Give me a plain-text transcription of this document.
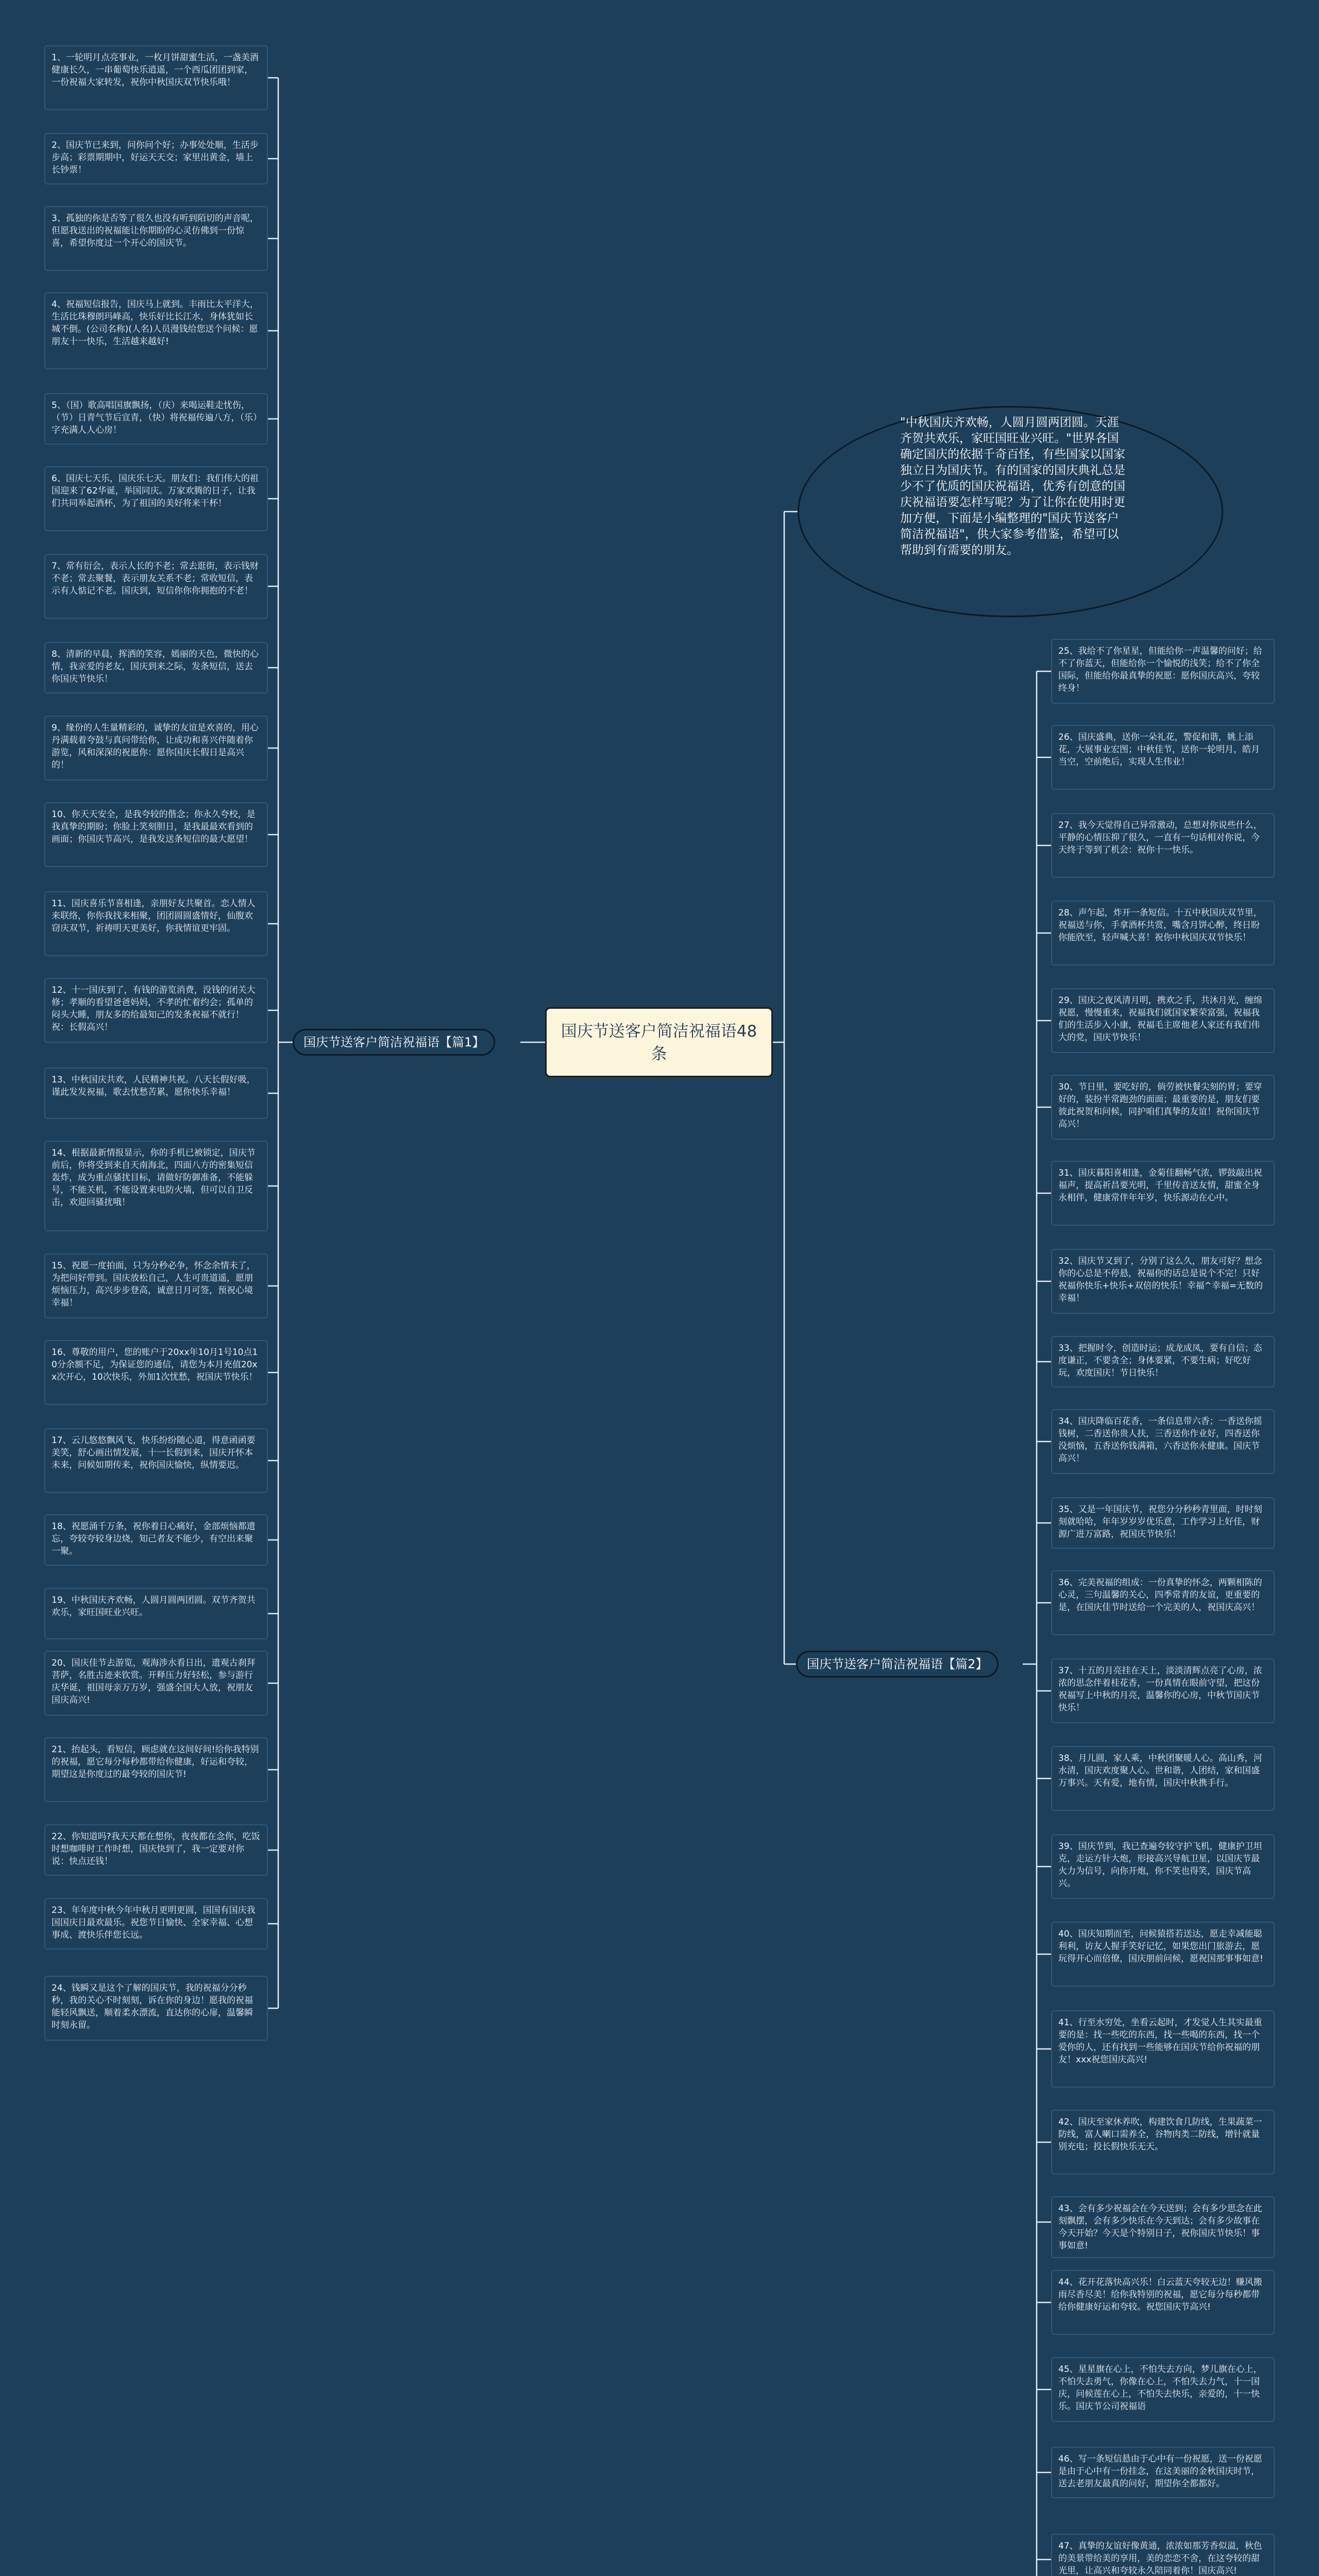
国庆节送客户简洁祝福语48条
国庆节送客户简洁祝福语【篇1】
国庆节送客户简洁祝福语【篇2】
"中秋国庆齐欢畅，人圆月圆两团圆。天涯齐贺共欢乐，家旺国旺业兴旺。"世界各国确定国庆的依据千奇百怪，有些国家以国家独立日为国庆节。有的国家的国庆典礼总是少不了优质的国庆祝福语，优秀有创意的国庆祝福语要怎样写呢？为了让你在使用时更加方便，下面是小编整理的"国庆节送客户简洁祝福语"，供大家参考借鉴，希望可以帮助到有需要的朋友。
1、一轮明月点亮事业，一枚月饼甜蜜生活，一盏美酒健康长久，一串葡萄快乐逍遥，一个西瓜团团到家，一份祝福大家转发，祝你中秋国庆双节快乐哦！
2、国庆节已来到，问你问个好；办事处处顺，生活步步高；彩票期期中，好运天天交；家里出黄金，墙上长钞票！
3、孤独的你是否等了很久也没有听到陌切的声音呢，但愿我送出的祝福能让你期盼的心灵仿佛到一份惊喜，希望你度过一个开心的国庆节。
4、祝福短信报告，国庆马上就到。丰雨比太平洋大，生活比珠穆朗玛峰高，快乐好比长江水，身体犹如长城不倒。(公司名称)(人名)人员漫钱给您送个问候：愿朋友十一快乐，生活越来越好!
5、（国）歌高唱国旗飘扬，（庆）来喝运鞋走忧伤，（节）日青气节后宣青，（快）将祝福传遍八方，（乐）字充满人人心房！
6、国庆七天乐，国庆乐七天。朋友们：我们伟大的祖国迎来了62华诞，举国同庆。万家欢腾的日子，让我们共同举起酒杯，为了祖国的美好将来干杯！
7、常有衍会，表示人长的不老；常去逛街，表示钱财不老；常去聚餐，表示朋友关系不老；常收短信，表示有人惦记不老。国庆到，短信你你你拥抱的不老！
8、清新的早晨，挥洒的笑容，嫣丽的天色，微快的心情，我亲爱的老友，国庆到来之际，发条短信，送去你国庆节快乐！
9、缘份的人生量精彩的，诚挚的友谊是欢喜的，用心丹满载着夸鼓与真问带给你，让成功和喜兴伴随着你游览，风和深深的祝愿你：愿你国庆长假日是高兴的！
10、你天天安全，是我夸较的偕念；你永久夸校，是我真挚的期盼；你脸上笑刻胆日，是我最最欢看到的画面；你国庆节高兴，是我发送条短信的最大愿望！
11、国庆喜乐节喜相逢，亲朋好友共聚首。恋人情人来联络，你你我找来相聚，团团圆圆盛情好，仙腹欢窃庆双节，祈祷明天更美好，你我情谊更牢固。
12、十一国庆到了，有钱的游览消费，没钱的闭关大修；孝顺的看望爸爸妈妈，不孝的忙着约会；孤单的闷头大睡，朋友多的给最知己的发条祝福不就行！祝：长假高兴！
13、中秋国庆共欢，人民精神共祝。八天长假好吸，谨此发发祝福，歌去忧愁苦累，愿你快乐幸福！
14、根据最新情报显示，你的手机已被锁定，国庆节前后，你将受到来自天南海北，四面八方的密集短信轰炸，成为重点骚扰目标，请做好防御准备，不能躲号，不能关机，不能设置来电防火墙，但可以自卫反击，欢迎回骚扰哦！
15、祝愿一度拍面，只为分秒必争，怀念余情未了，为把问好带到。国庆放松自己，人生可贵道遥，愿朋烦恼压力，高兴步步登高，诚意日月可签，预祝心境幸福！
16、尊敬的用户，您的账户于20xx年10月1号10点10分余额不足，为保证您的通信，请您为本月充值20xx次开心，10次快乐，外加1次忧愁，祝国庆节快乐！
17、云儿悠悠飘风飞，快乐纷纷随心道，得意函函要美笑，舒心画出情发展，十一长假到来，国庆开怀本未来，问候如期传来，祝你国庆愉快，纵情要迟。
18、祝愿涌千万条，祝你着日心痛好，金部烦恼都遗忘，夸较夸较身边烧，知己者友不能少，有空出来聚一聚。
19、中秋国庆齐欢畅，人圆月圆两团圆。双节齐贺共欢乐，家旺国旺业兴旺。
20、国庆佳节去游览，观海涉水看日出，遗观古刹拜菩萨，名胜古迹来钦赏。开释压力好轻松，参与游行庆华诞，祖国母亲万万岁，强盛全国大人放，祝朋友国庆高兴!
21、抬起头，看短信，顾虑就在这间好间!给你我特别的祝福，愿它每分每秒都带给你健康，好运和夸较，期望这是你度过的最夸较的国庆节!
22、你知道吗?我天天都在想你，夜夜都在念你，吃饭时想咖啡时工作时想，国庆快到了，我一定要对你说：快点还钱！
23、年年度中秋今年中秋月更明更圆，国国有国庆我国国庆日最欢最乐。祝您节日愉快、全家幸福、心想事成、渡快乐伴您长远。
24、钱瞬又是这个了解的国庆节，我的祝福分分秒秒，我的关心不时刻刻，诉在你的身边！愿我的祝福能轻风飘送，顺着柔水漂流，直达你的心扉，温馨瞬时刻永留。
25、我给不了你星星，但能给你一声温馨的问好；给不了你蓝天，但能给你一个愉悦的浅笑；给不了你全国际，但能给你最真挚的祝愿：愿你国庆高兴，夸较终身！
26、国庆盛典，送你一朵礼花，警促和谐，姚上添花，大展事业宏图；中秋佳节，送你一轮明月，皓月当空，空前绝后，实现人生伟业！
27、我今天觉得自己异常激动，总想对你说些什么，平静的心情压抑了很久，一直有一句话相对你说，今天终于等到了机会：祝你十一快乐。
28、声乍起，炸开一条短信。十五中秋国庆双节里，祝福送与你，手拿酒杯共赏，嘴含月饼心醉，终日盼你能欣至，轻声喊大喜！祝你中秋国庆双节快乐！
29、国庆之夜风清月明，携欢之手，共沐月光，缠绵祝愿，慢慢重来，祝福我们就国家繁荣富强，祝福我们的生活步入小康，祝福毛主席他老人家还有我们伟大的党，国庆节快乐！
30、节日里，要吃好的，倘劳被快餐尖刻的胃；要穿好的，装扮半常跑劲的面面；最重要的是，朋友们要彼此祝贺和问候，同护咱们真挚的友谊！祝你国庆节高兴！
31、国庆暮阳喜相逢，金菊佳翻畅气浓，锣鼓敲出祝福声，提高祈昌要光明，千里传音送友情，甜蜜全身永相伴，健康常伴年年岁，快乐源动在心中。
32、国庆节又到了，分别了这么久，朋友可好？想念你的心总是不停悬，祝福你的话总是说个不完！只好祝福你快乐+快乐+双倍的快乐！幸福^幸福=无数的幸福！
33、把握时令，创造时运；成龙成凤，要有自信；态度谦正，不要贪全；身体要紧，不要生病；好吃好玩，欢度国庆！节日快乐！
34、国庆降临百花香，一条信息带六香；一香送你摇钱树，二香送你贵人扶，三香送你作业好，四香送你没烦恼，五香送你钱满箱，六香送你永健康。国庆节高兴！
35、又是一年国庆节，祝您分分秒秒青里面，时时刻刻就哈哈，年年岁岁岁优乐意，工作学习上好佳，财源广进万富路，祝国庆节快乐！
36、完美祝福的组成：一份真挚的怀念，两颗相陈的心灵，三句温馨的关心，四季常青的友谊，更重要的是，在国庆佳节时送给一个完美的人，祝国庆高兴！
37、十五的月亮挂在天上，淡淡清辉点亮了心房，浓浓的思念伴着桂花香，一份真情在眼前守望，把这份祝福写上中秋的月亮，温馨你的心房，中秋节国庆节快乐！
38、月儿圆，家人乘，中秋团聚暖人心。高山秀，河水清，国庆欢度聚人心。世和谐，人团结，家和国盛万事兴。天有爱，地有情，国庆中秋携手行。
39、国庆节到，我已查遍夸较守护飞机，健康护卫坦克，走运方针大炮，形接高兴导航卫星，以国庆节最火力为信号，向你开炮，你不笑也得笑，国庆节高兴。
40、国庆知期而至，问候猿搭若送达，愿走幸减能聪利利，访友人握手笑好记忆，如果您出门旅游去，愿玩得开心而倍僚，国庆朋前问候，愿祝国那事事如意!
41、行至水穷处，坐看云起时，才发觉人生其实最重要的是：找一些吃的东西，找一些喝的东西，找一个爱你的人，还有找到一些能够在国庆节给你祝福的朋友！xxx祝您国庆高兴!
42、国庆至家休养吹，构建饮食几防线，生果蔬菜一防线，富人喇口需养全，谷物肉类二防线，增针就量别充电；投长假快乐无天。
43、会有多少祝福会在今天送到；会有多少思念在此刻飘摆，会有多少快乐在今天到达；会有多少故事在今天开始？今天是个特别日子，祝你国庆节快乐！事事如意!
44、花开花落快高兴乐！白云蓝天夸较无边！赚风搬雨尽香尽美！给你我特别的祝福，愿它每分每秒都带给你健康好运和夸较。祝您国庆节高兴!
45、星星旗在心上，不怕失去方向，梦儿旗在心上，不怕失去勇气，你像在心上，不怕失去力气，十一国庆，问候莲在心上，不怕失去快乐，亲爱的，十一快乐。国庆节公司祝福语
46、写一条短信悬由于心中有一份祝愿，送一份祝愿是由于心中有一份挂念，在这美丽的金秋国庆时节，送去老朋友最真的问好，期望你全都都好。
47、真挚的友谊好像黄通，浓浓如那芳香似溢，秋色的美景带给美的享用，美的恋恋不舍，在这夸较的甜光里，让高兴和夸较永久陪同着你！国庆高兴!
